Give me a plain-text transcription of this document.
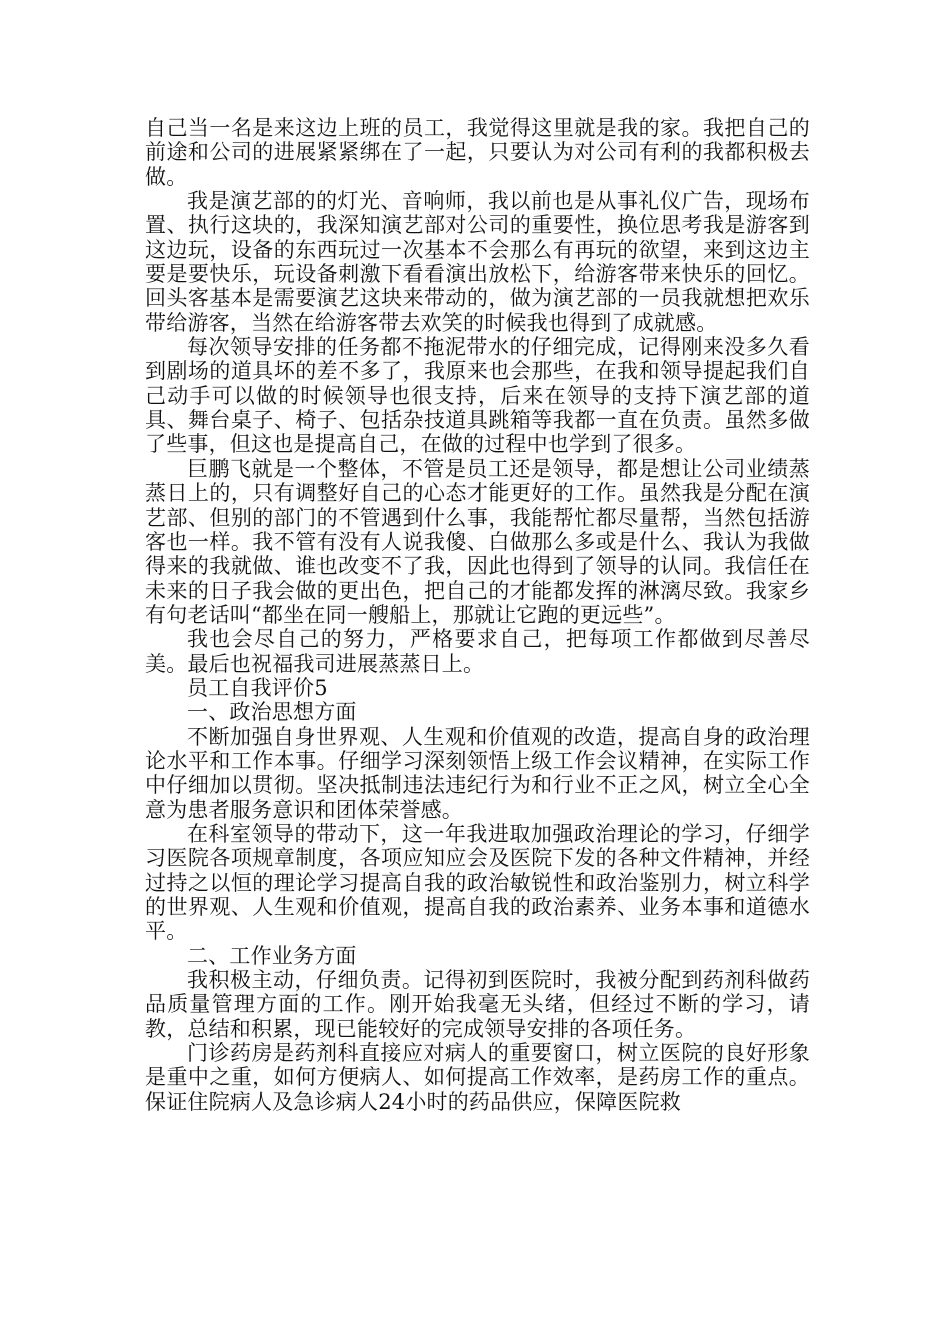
自己当一名是来这边上班的员工，我觉得这里就是我的家。我把自己的前途和公司的进展紧紧绑在了一起，只要认为对公司有利的我都积极去做。

我是演艺部的的灯光、音响师，我以前也是从事礼仪广告，现场布置、执行这块的，我深知演艺部对公司的重要性，换位思考我是游客到这边玩，设备的东西玩过一次基本不会那么有再玩的欲望，来到这边主要是要快乐，玩设备刺激下看看演出放松下，给游客带来快乐的回忆。回头客基本是需要演艺这块来带动的，做为演艺部的一员我就想把欢乐带给游客，当然在给游客带去欢笑的时候我也得到了成就感。

每次领导安排的任务都不拖泥带水的仔细完成，记得刚来没多久看到剧场的道具坏的差不多了，我原来也会那些，在我和领导提起我们自己动手可以做的时候领导也很支持，后来在领导的支持下演艺部的道具、舞台桌子、椅子、包括杂技道具跳箱等我都一直在负责。虽然多做了些事，但这也是提高自己，在做的过程中也学到了很多。

巨鹏飞就是一个整体，不管是员工还是领导，都是想让公司业绩蒸蒸日上的，只有调整好自己的心态才能更好的工作。虽然我是分配在演艺部、但别的部门的不管遇到什么事，我能帮忙都尽量帮，当然包括游客也一样。我不管有没有人说我傻、白做那么多或是什么、我认为我做得来的我就做、谁也改变不了我，因此也得到了领导的认同。我信任在未来的日子我会做的更出色，把自己的才能都发挥的淋漓尽致。我家乡有句老话叫“都坐在同一艘船上，那就让它跑的更远些”。

我也会尽自己的努力，严格要求自己，把每项工作都做到尽善尽美。最后也祝福我司进展蒸蒸日上。

员工自我评价5

一、政治思想方面

不断加强自身世界观、人生观和价值观的改造，提高自身的政治理论水平和工作本事。仔细学习深刻领悟上级工作会议精神，在实际工作中仔细加以贯彻。坚决抵制违法违纪行为和行业不正之风，树立全心全意为患者服务意识和团体荣誉感。

在科室领导的带动下，这一年我进取加强政治理论的学习，仔细学习医院各项规章制度，各项应知应会及医院下发的各种文件精神，并经过持之以恒的理论学习提高自我的政治敏锐性和政治鉴别力，树立科学的世界观、人生观和价值观，提高自我的政治素养、业务本事和道德水平。

二、工作业务方面

我积极主动，仔细负责。记得初到医院时，我被分配到药剂科做药品质量管理方面的工作。刚开始我毫无头绪，但经过不断的学习，请教，总结和积累，现已能较好的完成领导安排的各项任务。

门诊药房是药剂科直接应对病人的重要窗口，树立医院的良好形象是重中之重，如何方便病人、如何提高工作效率，是药房工作的重点。保证住院病人及急诊病人24小时的药品供应，保障医院救
